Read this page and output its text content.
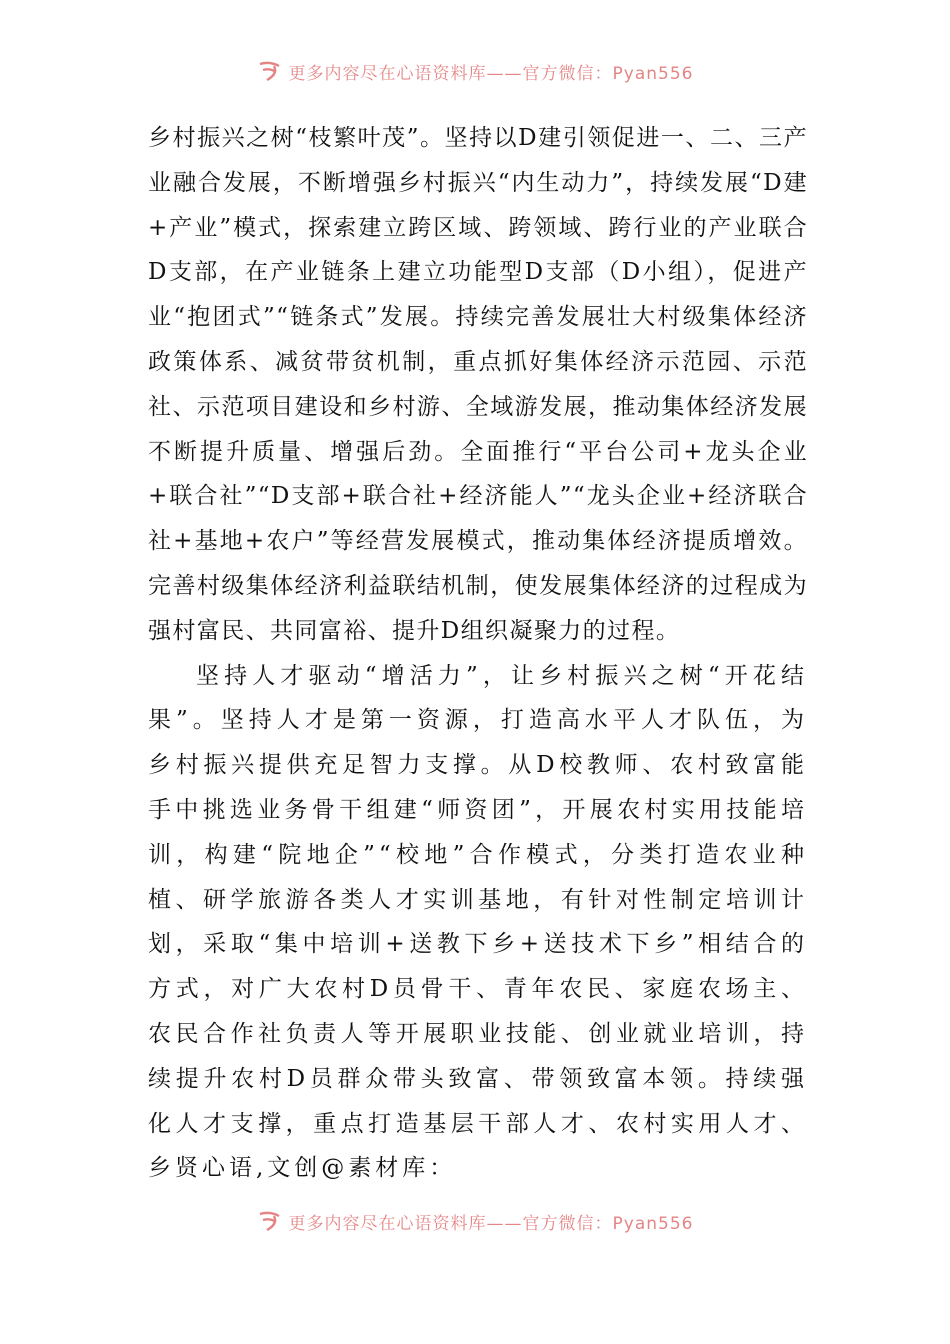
更多内容尽在心语资料库——官方微信：Pyan556

乡村振兴之树“枝繁叶茂”。坚持以D建引领促进一、二、三产业融合发展，不断增强乡村振兴“内生动力”，持续发展“D建+产业”模式，探索建立跨区域、跨领域、跨行业的产业联合D支部，在产业链条上建立功能型D支部（D小组），促进产业“抱团式”“链条式”发展。持续完善发展壮大村级集体经济政策体系、减贫带贫机制，重点抓好集体经济示范园、示范社、示范项目建设和乡村游、全域游发展，推动集体经济发展不断提升质量、增强后劲。全面推行“平台公司+龙头企业+联合社”“D支部+联合社+经济能人”“龙头企业+经济联合社+基地+农户”等经营发展模式，推动集体经济提质增效。完善村级集体经济利益联结机制，使发展集体经济的过程成为强村富民、共同富裕、提升D组织凝聚力的过程。

坚持人才驱动“增活力”，让乡村振兴之树“开花结果”。坚持人才是第一资源，打造高水平人才队伍，为乡村振兴提供充足智力支撑。从D校教师、农村致富能手中挑选业务骨干组建“师资团”，开展农村实用技能培训，构建“院地企”“校地”合作模式，分类打造农业种植、研学旅游各类人才实训基地，有针对性制定培训计划，采取“集中培训+送教下乡+送技术下乡”相结合的方式，对广大农村D员骨干、青年农民、家庭农场主、农民合作社负责人等开展职业技能、创业就业培训，持续提升农村D员群众带头致富、带领致富本领。持续强化人才支撑，重点打造基层干部人才、农村实用人才、乡贤心语,文创@素材库：

更多内容尽在心语资料库——官方微信：Pyan556
